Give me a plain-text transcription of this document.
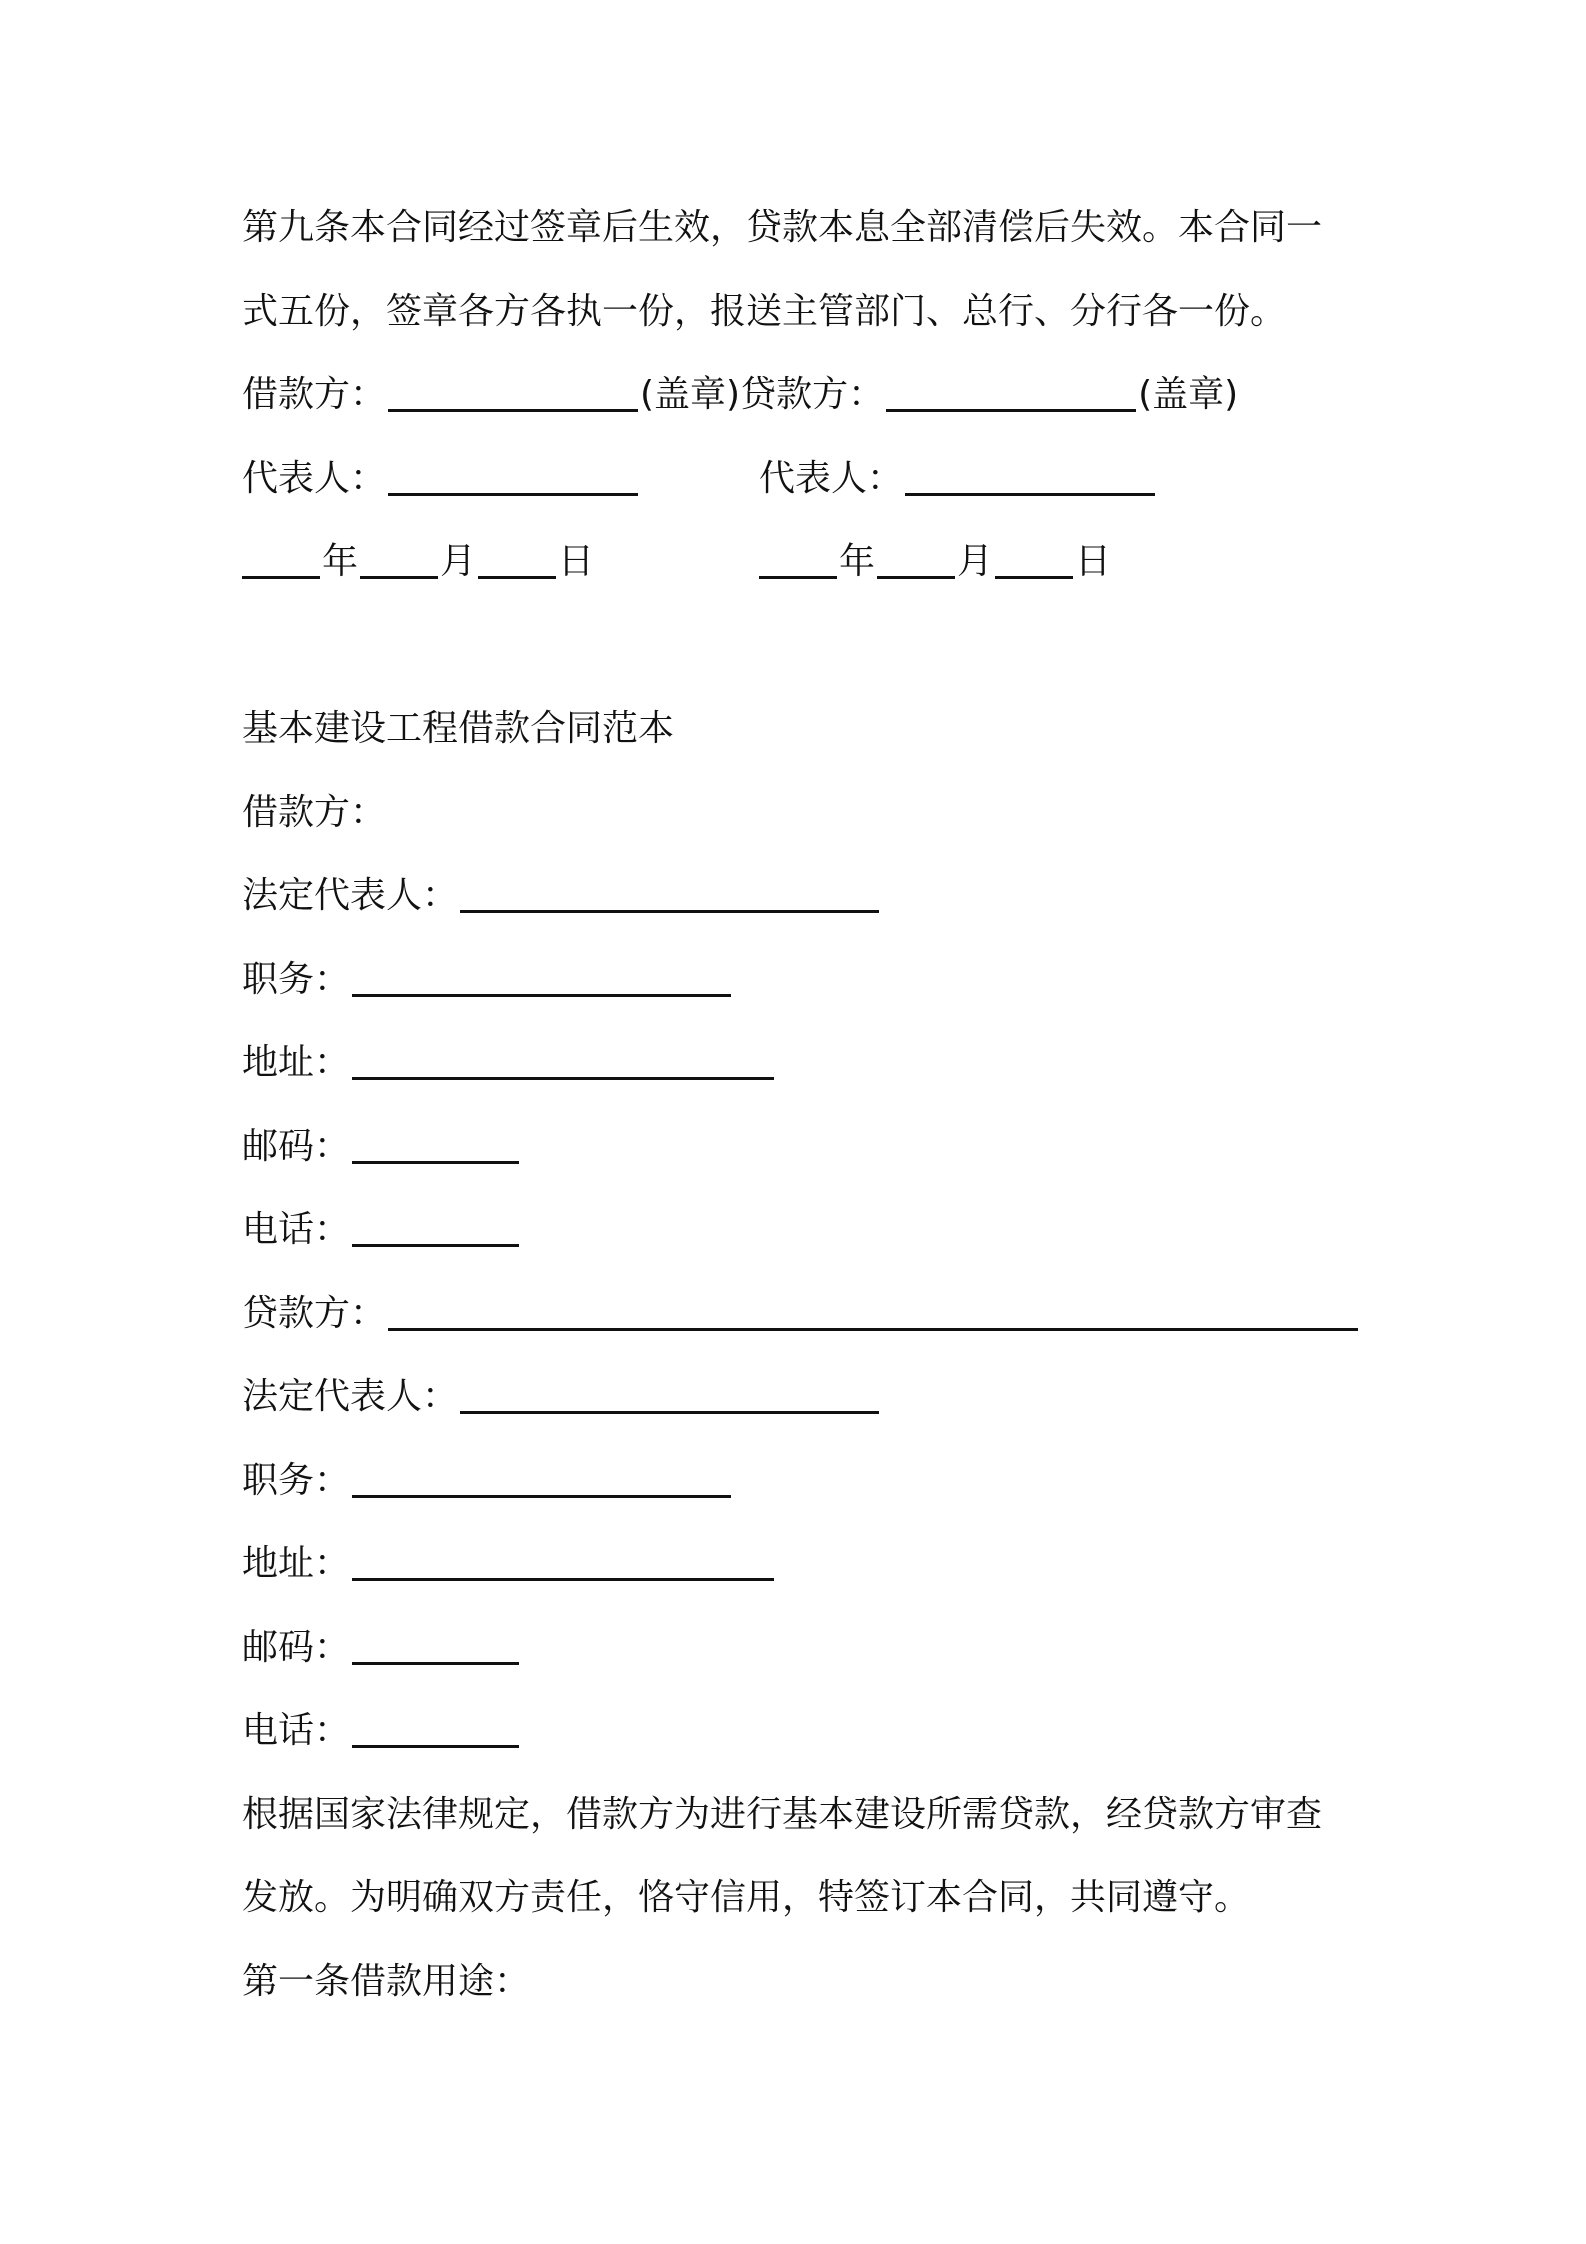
第九条本合同经过签章后生效，贷款本息全部清偿后失效。本合同一
式五份，签章各方各执一份，报送主管部门、总行、分行各一份。
借款方：	(盖章)贷款方：	(盖章)
代表人：	代表人：
年 月 日	年 月 日
基本建设工程借款合同范本
借款方：
法定代表人：
职务：
地址：
邮码：
电话：
贷款方：
法定代表人：
职务：
地址：
邮码：
电话：
根据国家法律规定，借款方为进行基本建设所需贷款，经贷款方审查
发放。为明确双方责任，恪守信用，特签订本合同，共同遵守。
第一条借款用途：
